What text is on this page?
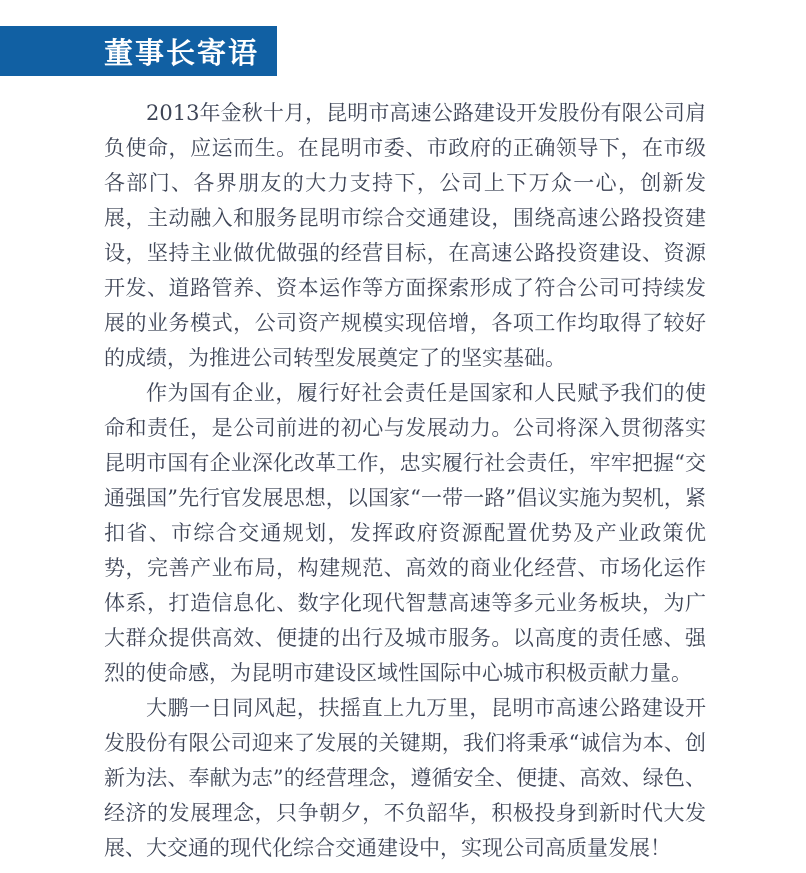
董事长寄语

2013年金秋十月，昆明市高速公路建设开发股份有限公司肩负使命，应运而生。在昆明市委、市政府的正确领导下，在市级各部门、各界朋友的大力支持下，公司上下万众一心，创新发展，主动融入和服务昆明市综合交通建设，围绕高速公路投资建设，坚持主业做优做强的经营目标，在高速公路投资建设、资源开发、道路管养、资本运作等方面探索形成了符合公司可持续发展的业务模式，公司资产规模实现倍增，各项工作均取得了较好的成绩，为推进公司转型发展奠定了的坚实基础。

作为国有企业，履行好社会责任是国家和人民赋予我们的使命和责任，是公司前进的初心与发展动力。公司将深入贯彻落实昆明市国有企业深化改革工作，忠实履行社会责任，牢牢把握“交通强国”先行官发展思想，以国家“一带一路”倡议实施为契机，紧扣省、市综合交通规划，发挥政府资源配置优势及产业政策优势，完善产业布局，构建规范、高效的商业化经营、市场化运作体系，打造信息化、数字化现代智慧高速等多元业务板块，为广大群众提供高效、便捷的出行及城市服务。以高度的责任感、强烈的使命感，为昆明市建设区域性国际中心城市积极贡献力量。

大鹏一日同风起，扶摇直上九万里，昆明市高速公路建设开发股份有限公司迎来了发展的关键期，我们将秉承“诚信为本、创新为法、奉献为志”的经营理念，遵循安全、便捷、高效、绿色、经济的发展理念，只争朝夕，不负韶华，积极投身到新时代大发展、大交通的现代化综合交通建设中，实现公司高质量发展！
